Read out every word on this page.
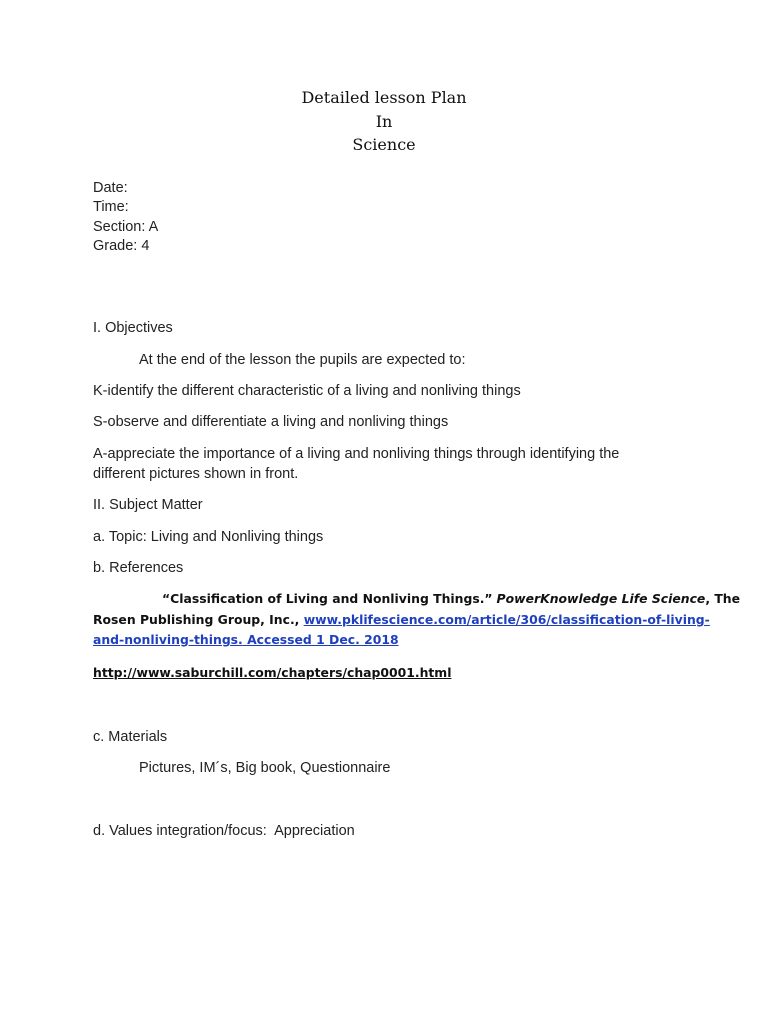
Detailed lesson Plan
In
Science
Date:
Time:
Section: A
Grade: 4
I. Objectives
At the end of the lesson the pupils are expected to:
K-identify the different characteristic of a living and nonliving things
S-observe and differentiate a living and nonliving things
A-appreciate the importance of a living and nonliving things through identifying the
different pictures shown in front.
II. Subject Matter
a. Topic: Living and Nonliving things
b. References
“Classification of Living and Nonliving Things.” PowerKnowledge Life Science, The
Rosen Publishing Group, Inc., www.pklifescience.com/article/306/classification-of-living-
and-nonliving-things. Accessed 1 Dec. 2018
http://www.saburchill.com/chapters/chap0001.html
c. Materials
Pictures, IM´s, Big book, Questionnaire
d. Values integration/focus:  Appreciation
